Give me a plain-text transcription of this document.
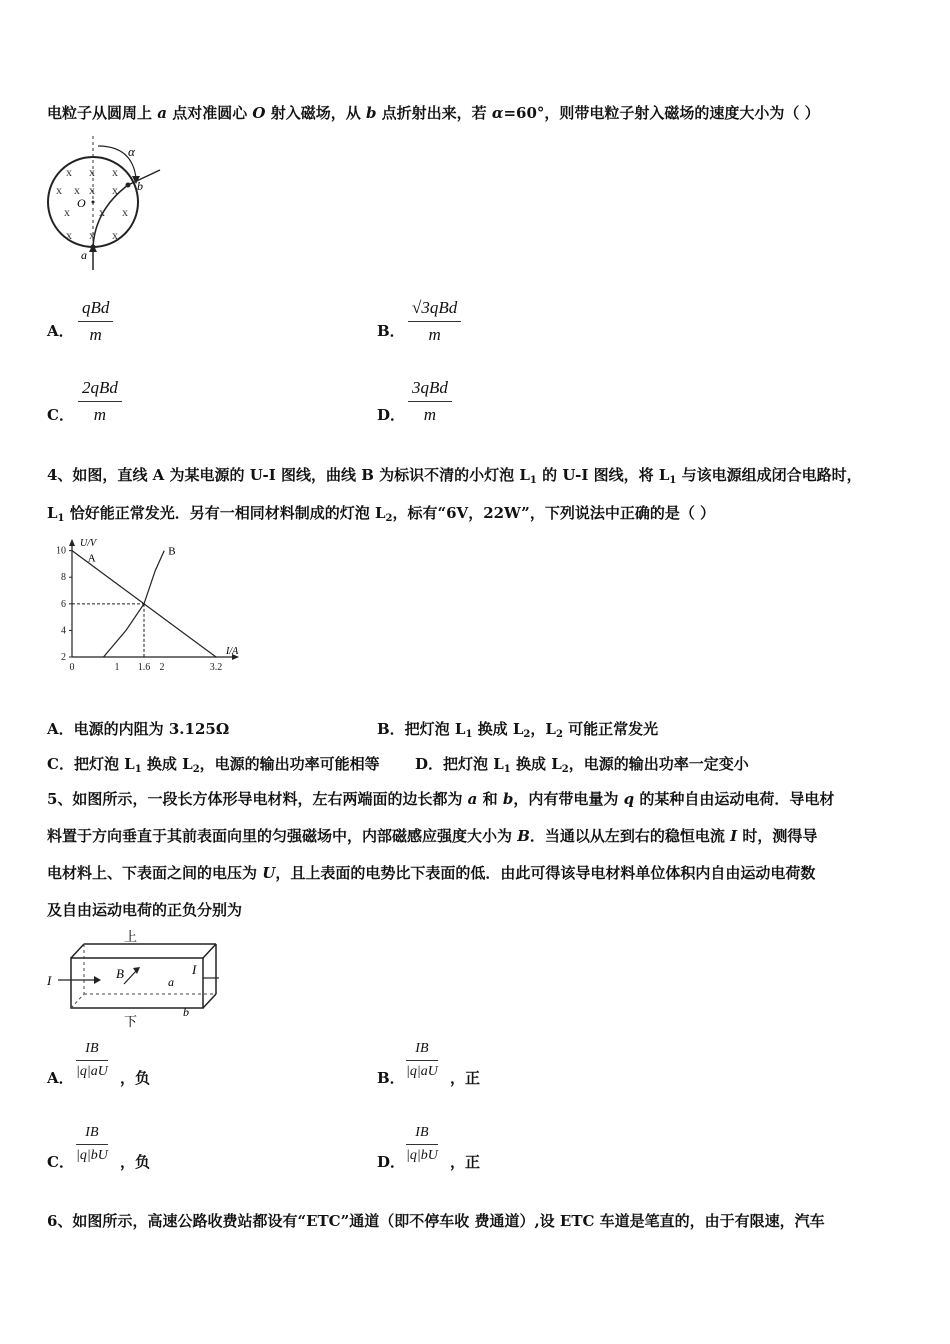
电粒子从圆周上 a 点对准圆心 O 射入磁场，从 b 点折射出来，若 α=60°，则带电粒子射入磁场的速度大小为（ ）
α
b
O
a
x x x
x x x x
x x x
x x x
A．
qBd
m	B．
√3qBd
m
C．
2qBd
m	D．
3qBd
m
4、如图，直线 A 为某电源的 U-I 图线，曲线 B 为标识不清的小灯泡 $L_1$ 的 U-I 图线，将 $L_1$ 与该电源组成闭合电路时，
$L_1$ 恰好能正常发光．另有一相同材料制成的灯泡 $L_2$，标有“6V，22W”，下列说法中正确的是（ ）
10
8
6
4
2
0	1 1.6 2	3.2
A
B
U/V
I/A
A．电源的内阻为 3.125Ω	B．把灯泡 $L_1$ 换成 $L_2$，$L_2$ 可能正常发光
C．把灯泡 $L_1$ 换成 $L_2$，电源的输出功率可能相等 D．把灯泡 $L_1$ 换成 $L_2$，电源的输出功率一定变小
5、如图所示，一段长方体形导电材料，左右两端面的边长都为 a 和 b，内有带电量为 q 的某种自由运动电荷．导电材
料置于方向垂直于其前表面向里的匀强磁场中，内部磁感应强度大小为 B．当通以从左到右的稳恒电流 I 时，测得导
电材料上、下表面之间的电压为 U，且上表面的电势比下表面的低．由此可得该导电材料单位体积内自由运动电荷数
及自由运动电荷的正负分别为
上
下
I
I
B
a
b
A． $\frac{IB}{|q|aU}$ ，负	B． $\frac{IB}{|q|aU}$ ，正
C． $\frac{IB}{|q|bU}$ ，负	D． $\frac{IB}{|q|bU}$ ，正
6、如图所示，高速公路收费站都设有“ETC”通道（即不停车收 费通道）,设 ETC 车道是笔直的，由于有限速，汽车
